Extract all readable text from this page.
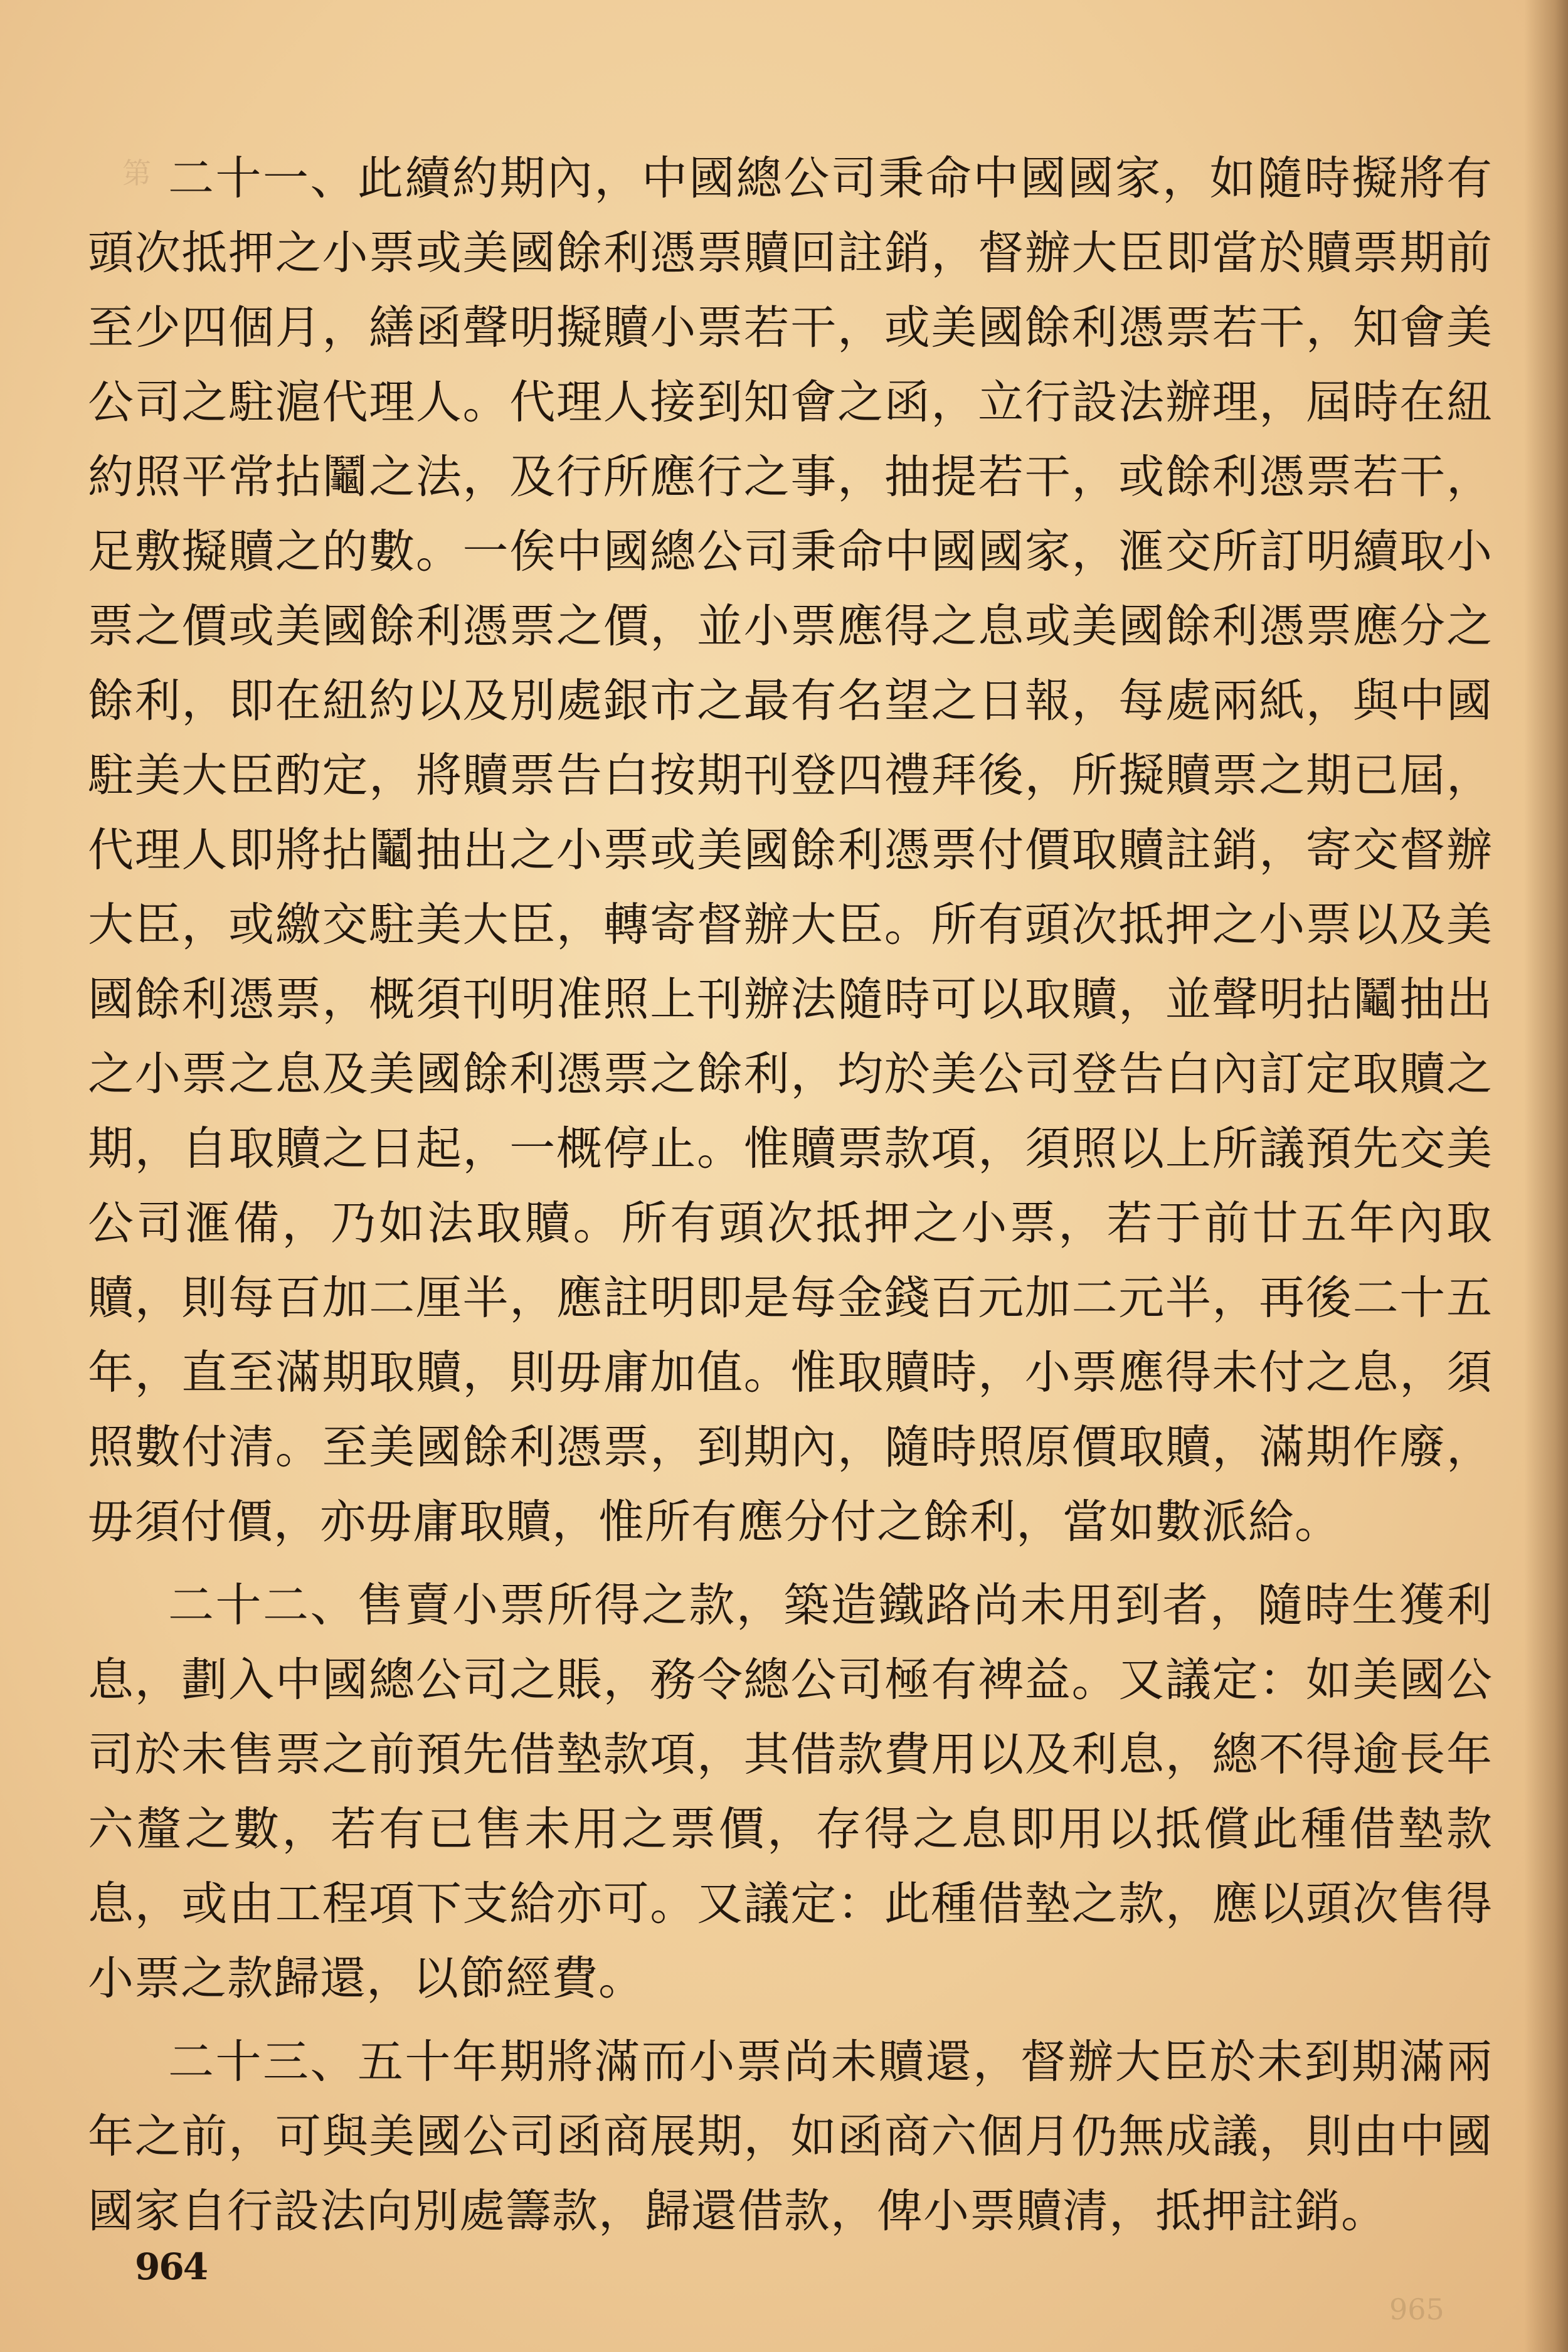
第 二十一、此續約期內，中國總公司秉命中國國家，如隨時擬將有頭次抵押之小票或美國餘利憑票贖回註銷，督辦大臣即當於贖票期前至少四個月，繕函聲明擬贖小票若干，或美國餘利憑票若干，知會美公司之駐滬代理人。代理人接到知會之函，立行設法辦理，屆時在紐約照平常拈鬮之法，及行所應行之事，抽提若干，或餘利憑票若干，足敷擬贖之的數。一俟中國總公司秉命中國國家，滙交所訂明續取小票之價或美國餘利憑票之價，並小票應得之息或美國餘利憑票應分之餘利，即在紐約以及別處銀市之最有名望之日報，每處兩紙，與中國駐美大臣酌定，將贖票告白按期刊登四禮拜後，所擬贖票之期已屆，代理人即將拈鬮抽出之小票或美國餘利憑票付價取贖註銷，寄交督辦大臣，或繳交駐美大臣，轉寄督辦大臣。所有頭次抵押之小票以及美國餘利憑票，概須刊明准照上刊辦法隨時可以取贖，並聲明拈鬮抽出之小票之息及美國餘利憑票之餘利，均於美公司登告白內訂定取贖之期，自取贖之日起，一概停止。惟贖票款項，須照以上所議預先交美公司滙備，乃如法取贖。所有頭次抵押之小票，若于前廿五年內取贖，則每百加二厘半，應註明即是每金錢百元加二元半，再後二十五年，直至滿期取贖，則毋庸加值。惟取贖時，小票應得未付之息，須照數付清。至美國餘利憑票，到期內，隨時照原價取贖，滿期作廢，毋須付價，亦毋庸取贖，惟所有應分付之餘利，當如數派給。

二十二、售賣小票所得之款，築造鐵路尚未用到者，隨時生獲利息，劃入中國總公司之賬，務令總公司極有裨益。又議定：如美國公司於未售票之前預先借墊款項，其借款費用以及利息，總不得逾長年六釐之數，若有已售未用之票價，存得之息即用以抵償此種借墊款息，或由工程項下支給亦可。又議定：此種借墊之款，應以頭次售得小票之款歸還，以節經費。

二十三、五十年期將滿而小票尚未贖還，督辦大臣於未到期滿兩年之前，可與美國公司函商展期，如函商六個月仍無成議，則由中國國家自行設法向別處籌款，歸還借款，俾小票贖清，抵押註銷。

964
965
